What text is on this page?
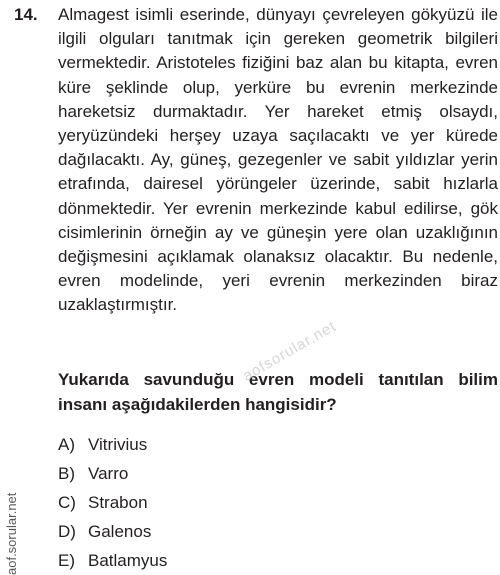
14. Almagest isimli eserinde, dünyayı çevreleyen gökyüzü ile ilgili olguları tanıtmak için gereken geometrik bilgileri vermektedir. Aristoteles fiziğini baz alan bu kitapta, evren küre şeklinde olup, yerküre bu evrenin merkezinde hareketsiz durmaktadır. Yer hareket etmiş olsaydı, yeryüzündeki herşey uzaya saçılacaktı ve yer kürede dağılacaktı. Ay, güneş, gezegenler ve sabit yıldızlar yerin etrafında, dairesel yörüngeler üzerinde, sabit hızlarla dönmektedir. Yer evrenin merkezinde kabul edilirse, gök cisimlerinin örneğin ay ve güneşin yere olan uzaklığının değişmesini açıklamak olanaksız olacaktır. Bu nedenle, evren modelinde, yeri evrenin merkezinden biraz uzaklaştırmıştır.
Yukarıda savunduğu evren modeli tanıtılan bilim insanı aşağıdakilerden hangisidir?
A) Vitrivius
B) Varro
C) Strabon
D) Galenos
E) Batlamyus
aofsorular.net
aof.sorular.net
